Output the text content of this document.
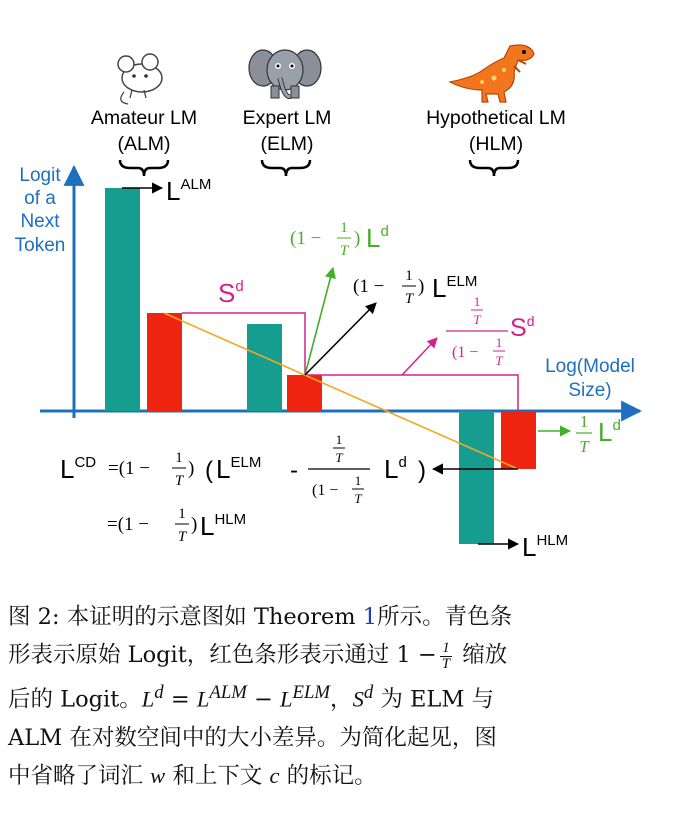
Amateur LM
(ALM)
Expert LM
(ELM)
Hypothetical LM
(HLM)
Logit
of a
Next
Token
Log(Model
Size)
$L^{ALM}$
$S^d$
(1 − 1
T
) $L^d$
(1 − 1
T
) $L^{ELM}$
1
T
(1 −
1
T
$S^d$
1
T $L^d$
$L^{HLM}$
$L^{CD} =(1 - 1$
T
) ( $L^{ELM}$ -
1
T
(1 −
1
T
$L^d$ )
=(1 − 1
T
) $L^{HLM}$
图 2: 本证明的示意图如 Theorem 1所示。青色条
形表示原始 Logit，红色条形表示通过 $1 - \frac{1}{T}$ 缩放
后的 Logit。$L^d = L^{ALM} - L^{ELM}$，$S^d$ 为 ELM 与
ALM 在对数空间中的大小差异。为简化起见，图
中省略了词汇 w 和上下文 c 的标记。
